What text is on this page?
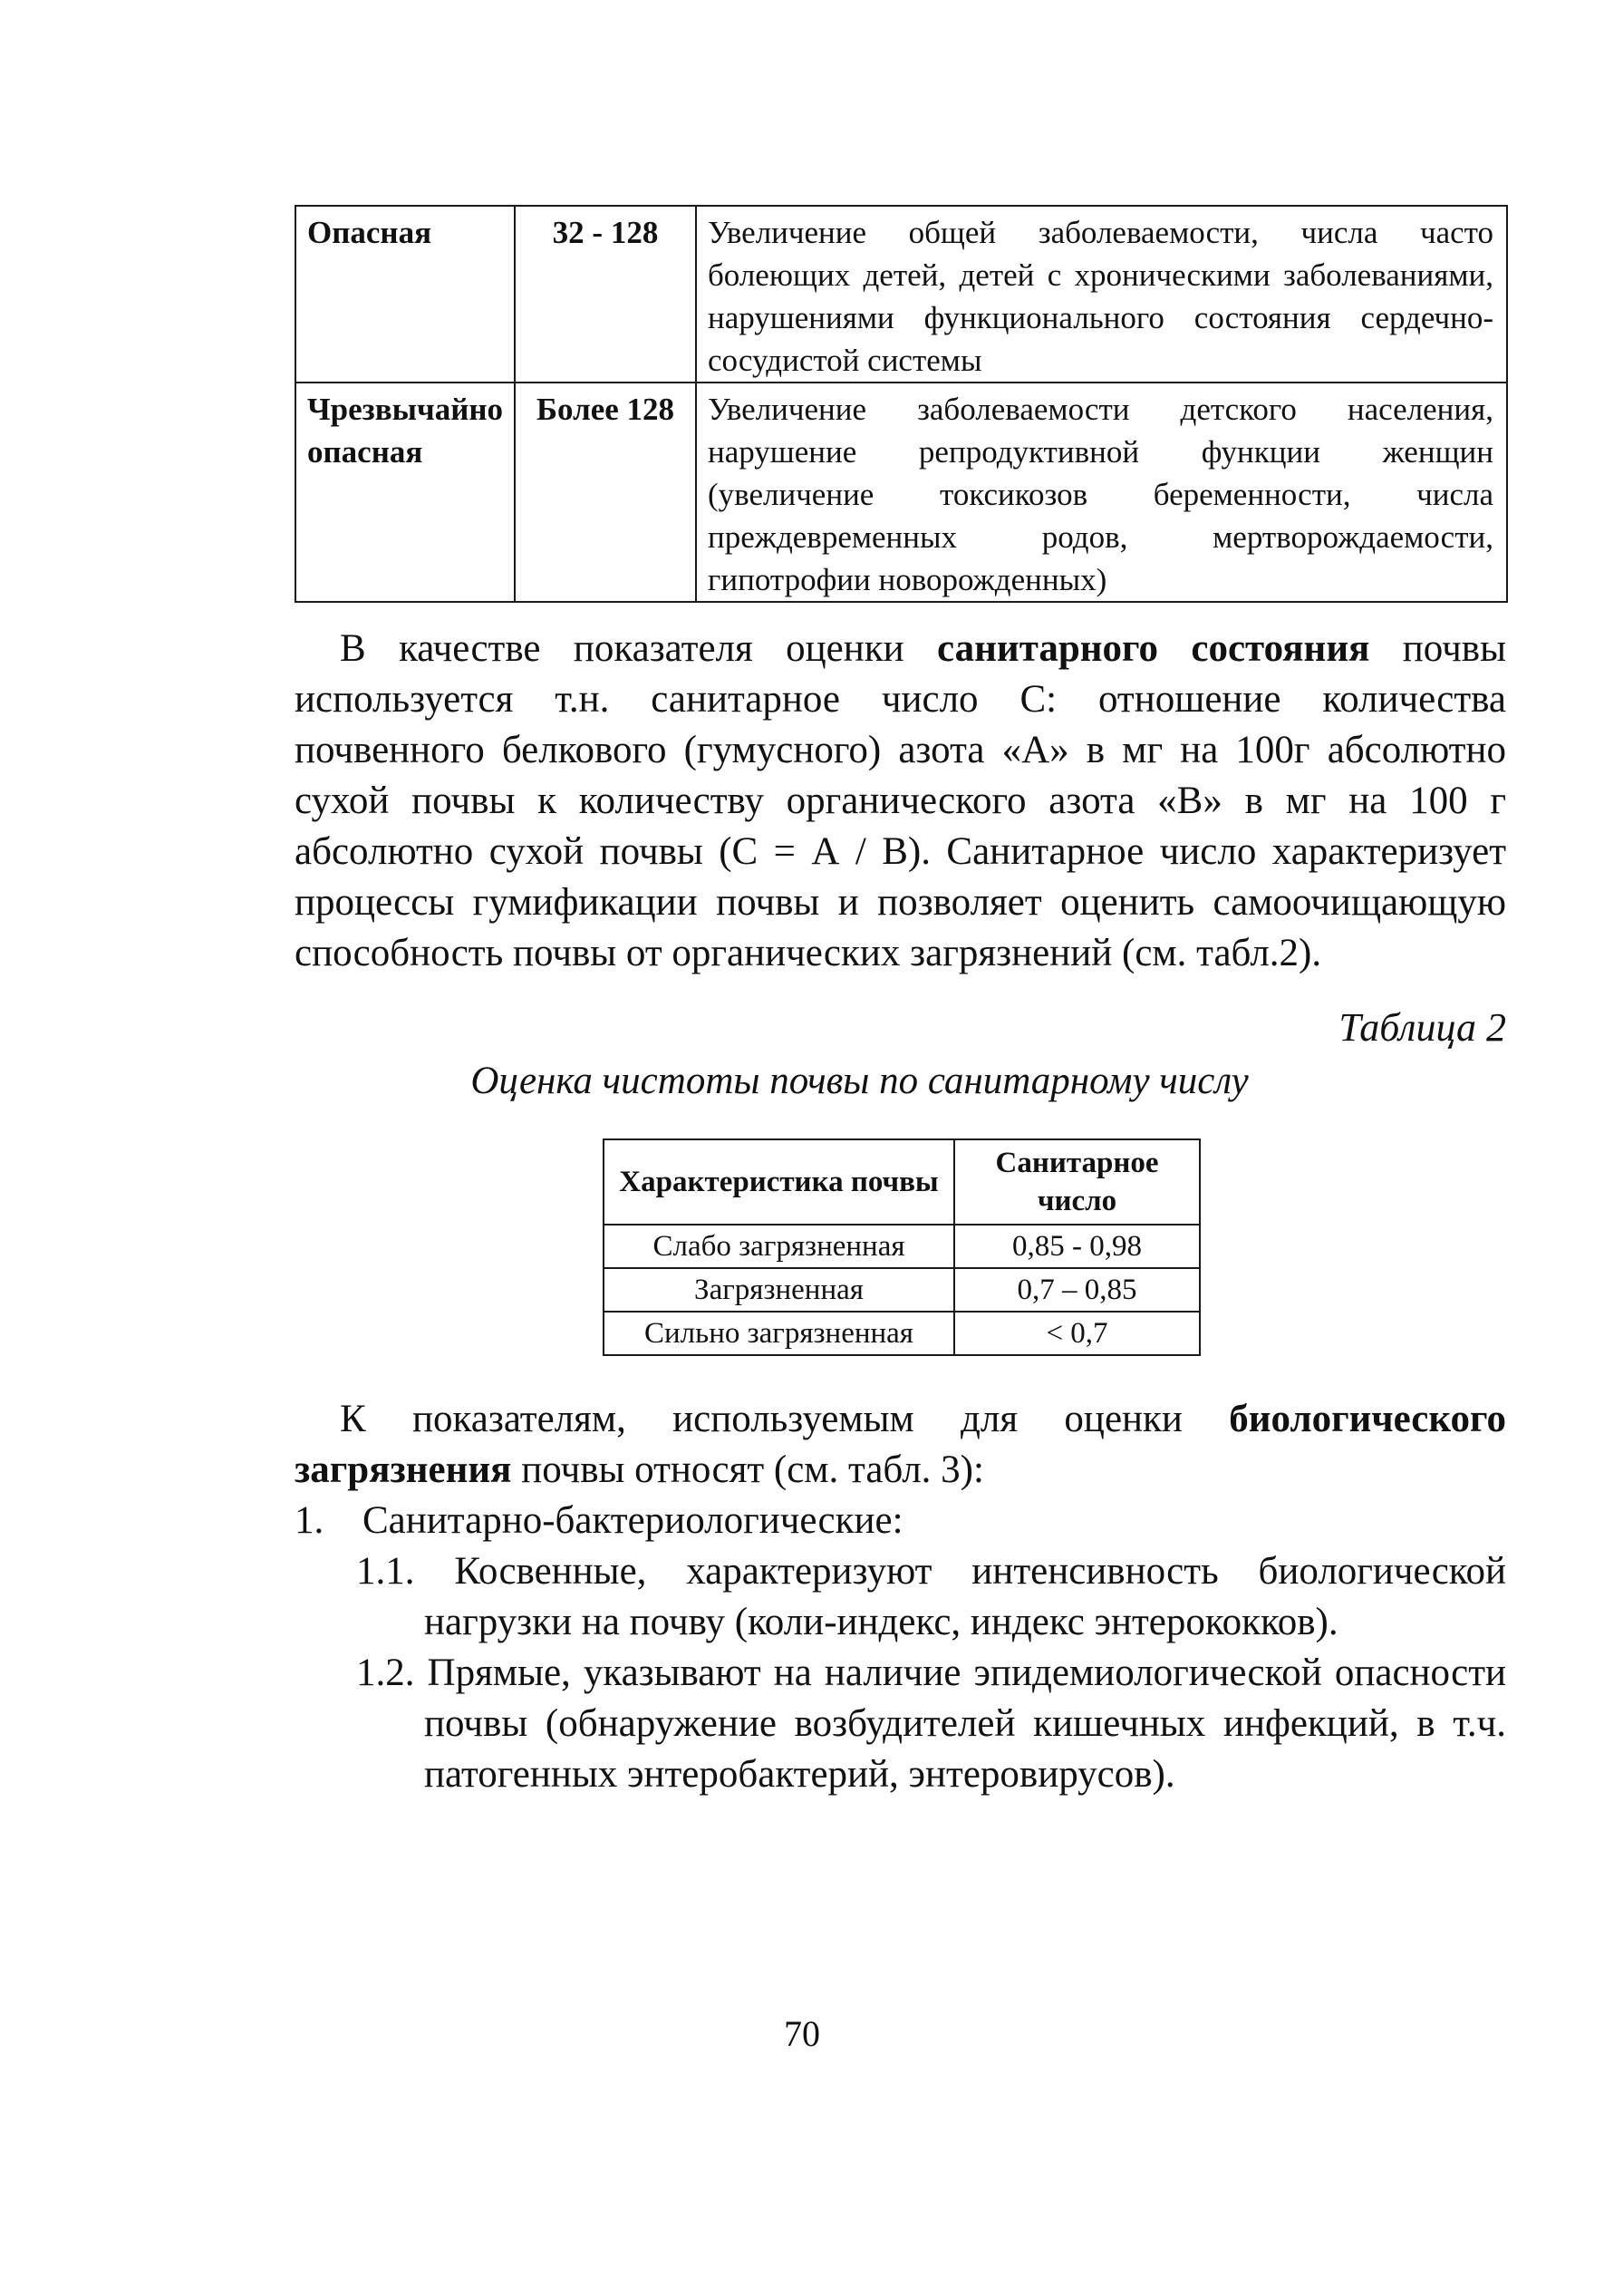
Опасная	32 - 128	Увеличение общей заболеваемости, числа часто болеющих детей, детей с хроническими заболеваниями, нарушениями функционального состояния сердечно-сосудистой системы
Чрезвычайно опасная	Более 128	Увеличение заболеваемости детского населения, нарушение репродуктивной функции женщин (увеличение токсикозов беременности, числа преждевременных родов, мертворождаемости, гипотрофии новорожденных)

В качестве показателя оценки санитарного состояния почвы используется т.н. санитарное число С: отношение количества почвенного белкового (гумусного) азота «А» в мг на 100г абсолютно сухой почвы к количеству органического азота «В» в мг на 100 г абсолютно сухой почвы (С = А / В). Санитарное число характеризует процессы гумификации почвы и позволяет оценить самоочищающую способность почвы от органических загрязнений (см. табл.2).

Таблица 2
Оценка чистоты почвы по санитарному числу
Характеристика почвы	Санитарное число
Слабо загрязненная	0,85 - 0,98
Загрязненная	0,7 – 0,85
Сильно загрязненная	< 0,7

К показателям, используемым для оценки биологического загрязнения почвы относят (см. табл. 3):

1. Санитарно-бактериологические:
1.1. Косвенные, характеризуют интенсивность биологической нагрузки на почву (коли-индекс, индекс энтерококков).
1.2. Прямые, указывают на наличие эпидемиологической опасности почвы (обнаружение возбудителей кишечных инфекций, в т.ч. патогенных энтеробактерий, энтеровирусов).
70
